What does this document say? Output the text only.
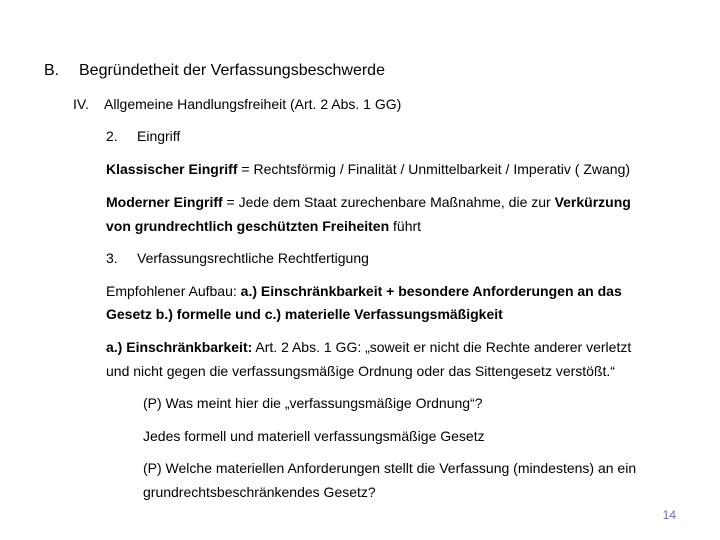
B. Begründetheit der Verfassungsbeschwerde
IV. Allgemeine Handlungsfreiheit (Art. 2 Abs. 1 GG)
2. Eingriff
Klassischer Eingriff = Rechtsförmig / Finalität / Unmittelbarkeit / Imperativ ( Zwang)
Moderner Eingriff = Jede dem Staat zurechenbare Maßnahme, die zur Verkürzung
von grundrechtlich geschützten Freiheiten führt
3. Verfassungsrechtliche Rechtfertigung
Empfohlener Aufbau: a.) Einschränkbarkeit + besondere Anforderungen an das
Gesetz b.) formelle und c.) materielle Verfassungsmäßigkeit
a.) Einschränkbarkeit: Art. 2 Abs. 1 GG: „soweit er nicht die Rechte anderer verletzt
und nicht gegen die verfassungsmäßige Ordnung oder das Sittengesetz verstößt.“
(P) Was meint hier die „verfassungsmäßige Ordnung“?
Jedes formell und materiell verfassungsmäßige Gesetz
(P) Welche materiellen Anforderungen stellt die Verfassung (mindestens) an ein
grundrechtsbeschränkendes Gesetz?
14
